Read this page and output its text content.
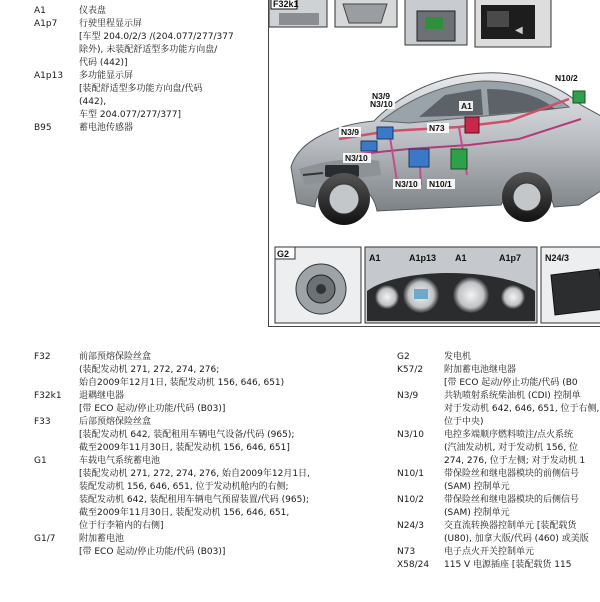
A1	仪表盘
A1p7 行驶里程显示屏
[车型 204.0/2/3 /(204.077/277/377
除外), 未装配舒适型多功能方向盘/
代码 (442)]
A1p13 多功能显示屏
[装配舒适型多功能方向盘/代码
(442),
车型 204.077/277/377]
B95	蓄电池传感器
F32k1
◀
N10/2
N3/9
N3/10	A1
N73
N3/9
N3/10
N3/10 N10/1
G2	A1	A1p13 A1	A1p7	N24/3
F32	前部预熔保险丝盒
(装配发动机 271, 272, 274, 276;
始自2009年12月1日, 装配发动机 156, 646, 651)
F32k1 退耦继电器
[带 ECO 起动/停止功能/代码 (B03)]
F33	后部预熔保险丝盒
[装配发动机 642, 装配租用车辆电气设备/代码 (965);
截至2009年11月30日, 装配发动机 156, 646, 651]
G1	车载电气系统蓄电池
[装配发动机 271, 272, 274, 276, 始自2009年12月1日,
装配发动机 156, 646, 651, 位于发动机舱内的右侧;
装配发动机 642, 装配租用车辆电气预留装置/代码 (965);
截至2009年11月30日, 装配发动机 156, 646, 651,
位于行李箱内的右侧]
G1/7	附加蓄电池
[带 ECO 起动/停止功能/代码 (B03)]
G2	发电机
K57/2 附加蓄电池继电器
[带 ECO 起动/停止功能/代码 (B0
N3/9	共轨喷射系统柴油机 (CDI) 控制单
对于发动机 642, 646, 651, 位于右侧,
位于中央)
N3/10 电控多端顺序燃料喷注/点火系统
(汽油发动机, 对于发动机 156, 位
274, 276, 位于左侧; 对于发动机 1
N10/1 带保险丝和继电器模块的前侧信号
(SAM) 控制单元
N10/2 带保险丝和继电器模块的后侧信号
(SAM) 控制单元
N24/3 交直流转换器控制单元 [装配载货
(U80), 加拿大版/代码 (460) 或美版
N73	电子点火开关控制单元
X58/24 115 V 电源插座 [装配载货 115
